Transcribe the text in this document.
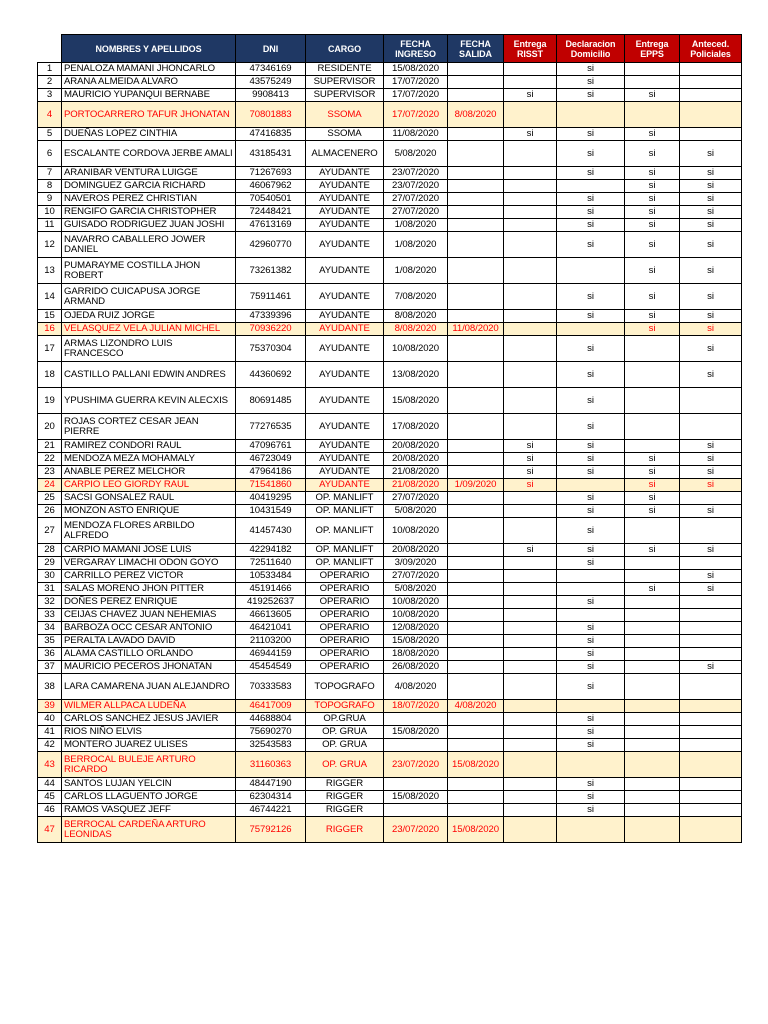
	NOMBRES Y APELLIDOS	DNI	CARGO	FECHA INGRESO	FECHA SALIDA	Entrega RISST	Declaracion Domicilio	Entrega EPPS	Anteced. Policiales
1	PENALOZA MAMANI JHONCARLO	47346169	RESIDENTE	15/08/2020			si		
2	ARANA ALMEIDA ALVARO	43575249	SUPERVISOR	17/07/2020			si		
3	MAURICIO YUPANQUI BERNABE	9908413	SUPERVISOR	17/07/2020		si	si	si	
4	PORTOCARRERO TAFUR JHONATAN	70801883	SSOMA	17/07/2020	8/08/2020				
5	DUEÑAS LOPEZ CINTHIA	47416835	SSOMA	11/08/2020		si	si	si	
6	ESCALANTE CORDOVA JERBE AMALI	43185431	ALMACENERO	5/08/2020			si	si	si
7	ARANIBAR VENTURA LUIGGE	71267693	AYUDANTE	23/07/2020			si	si	si
8	DOMINGUEZ GARCIA RICHARD	46067962	AYUDANTE	23/07/2020				si	si
9	NAVEROS PEREZ CHRISTIAN	70540501	AYUDANTE	27/07/2020			si	si	si
10	RENGIFO GARCIA CHRISTOPHER	72448421	AYUDANTE	27/07/2020			si	si	si
11	GUISADO RODRIGUEZ JUAN JOSHI	47613169	AYUDANTE	1/08/2020			si	si	si
12	NAVARRO CABALLERO JOWER DANIEL	42960770	AYUDANTE	1/08/2020			si	si	si
13	PUMARAYME COSTILLA JHON ROBERT	73261382	AYUDANTE	1/08/2020				si	si
14	GARRIDO CUICAPUSA JORGE ARMAND	75911461	AYUDANTE	7/08/2020			si	si	si
15	OJEDA RUIZ JORGE	47339396	AYUDANTE	8/08/2020			si	si	si
16	VELASQUEZ VELA JULIAN MICHEL	70936220	AYUDANTE	8/08/2020	11/08/2020			si	si
17	ARMAS LIZONDRO LUIS FRANCESCO	75370304	AYUDANTE	10/08/2020			si		si
18	CASTILLO PALLANI EDWIN ANDRES	44360692	AYUDANTE	13/08/2020			si		si
19	YPUSHIMA GUERRA KEVIN ALECXIS	80691485	AYUDANTE	15/08/2020			si		
20	ROJAS CORTEZ CESAR JEAN PIERRE	77276535	AYUDANTE	17/08/2020			si		
21	RAMIREZ CONDORI RAUL	47096761	AYUDANTE	20/08/2020		si	si		si
22	MENDOZA MEZA MOHAMALY	46723049	AYUDANTE	20/08/2020		si	si	si	si
23	ANABLE PEREZ MELCHOR	47964186	AYUDANTE	21/08/2020		si	si	si	si
24	CARPIO LEO GIORDY RAUL	71541860	AYUDANTE	21/08/2020	1/09/2020	si		si	si
25	SACSI GONSALEZ RAUL	40419295	OP. MANLIFT	27/07/2020			si	si	
26	MONZON ASTO ENRIQUE	10431549	OP. MANLIFT	5/08/2020			si	si	si
27	MENDOZA FLORES ARBILDO ALFREDO	41457430	OP. MANLIFT	10/08/2020			si		
28	CARPIO MAMANI JOSE LUIS	42294182	OP. MANLIFT	20/08/2020		si	si	si	si
29	VERGARAY LIMACHI ODON GOYO	72511640	OP. MANLIFT	3/09/2020			si		
30	CARRILLO PEREZ VICTOR	10533484	OPERARIO	27/07/2020					si
31	SALAS MORENO JHON PITTER	45191466	OPERARIO	5/08/2020				si	si
32	DOÑES PEREZ ENRIQUE	419252637	OPERARIO	10/08/2020			si		
33	CEIJAS CHAVEZ JUAN NEHEMIAS	46613605	OPERARIO	10/08/2020					
34	BARBOZA OCC CESAR ANTONIO	46421041	OPERARIO	12/08/2020			si		
35	PERALTA LAVADO DAVID	21103200	OPERARIO	15/08/2020			si		
36	ALAMA CASTILLO ORLANDO	46944159	OPERARIO	18/08/2020			si		
37	MAURICIO PECEROS JHONATAN	45454549	OPERARIO	26/08/2020			si		si
38	LARA CAMARENA JUAN ALEJANDRO	70333583	TOPOGRAFO	4/08/2020			si		
39	WILMER ALLPACA LUDEÑA	46417009	TOPOGRAFO	18/07/2020	4/08/2020				
40	CARLOS SANCHEZ JESUS JAVIER	44688804	OP.GRUA				si		
41	RIOS NIÑO ELVIS	75690270	OP. GRUA	15/08/2020			si		
42	MONTERO JUAREZ ULISES	32543583	OP. GRUA				si		
43	BERROCAL BULEJE ARTURO RICARDO	31160363	OP. GRUA	23/07/2020	15/08/2020				
44	SANTOS LUJAN YELCIN	48447190	RIGGER				si		
45	CARLOS LLAGUENTO JORGE	62304314	RIGGER	15/08/2020			si		
46	RAMOS VASQUEZ JEFF	46744221	RIGGER				si		
47	BERROCAL CARDEÑA ARTURO LEONIDAS	75792126	RIGGER	23/07/2020	15/08/2020				
